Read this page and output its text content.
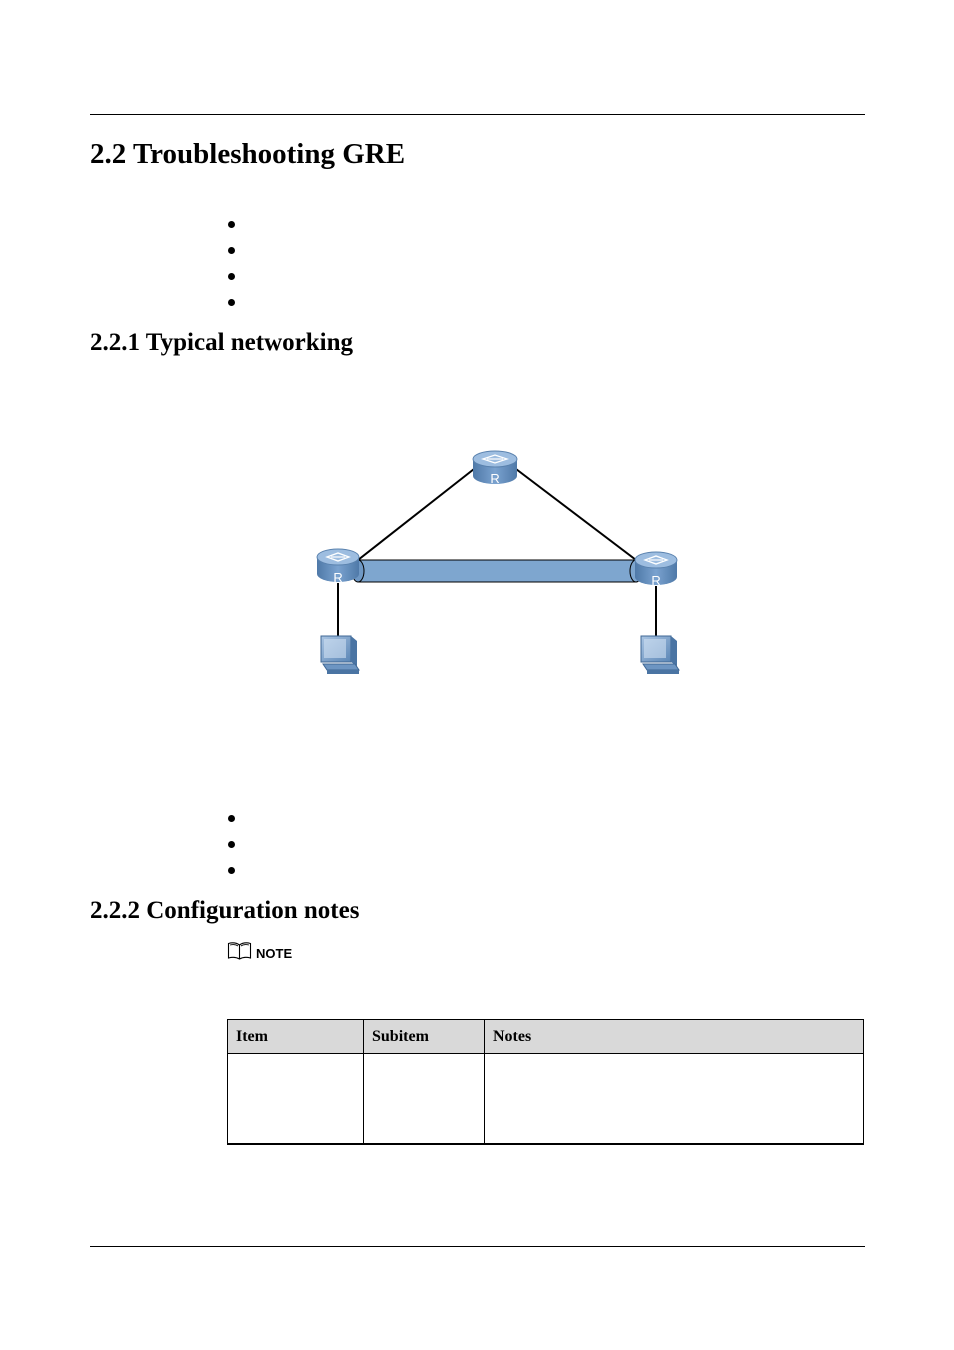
2.2 Troubleshooting GRE
2.2.1 Typical networking
R
R	R
2.2.2 Configuration notes
NOTE
Item	Subitem	Notes
